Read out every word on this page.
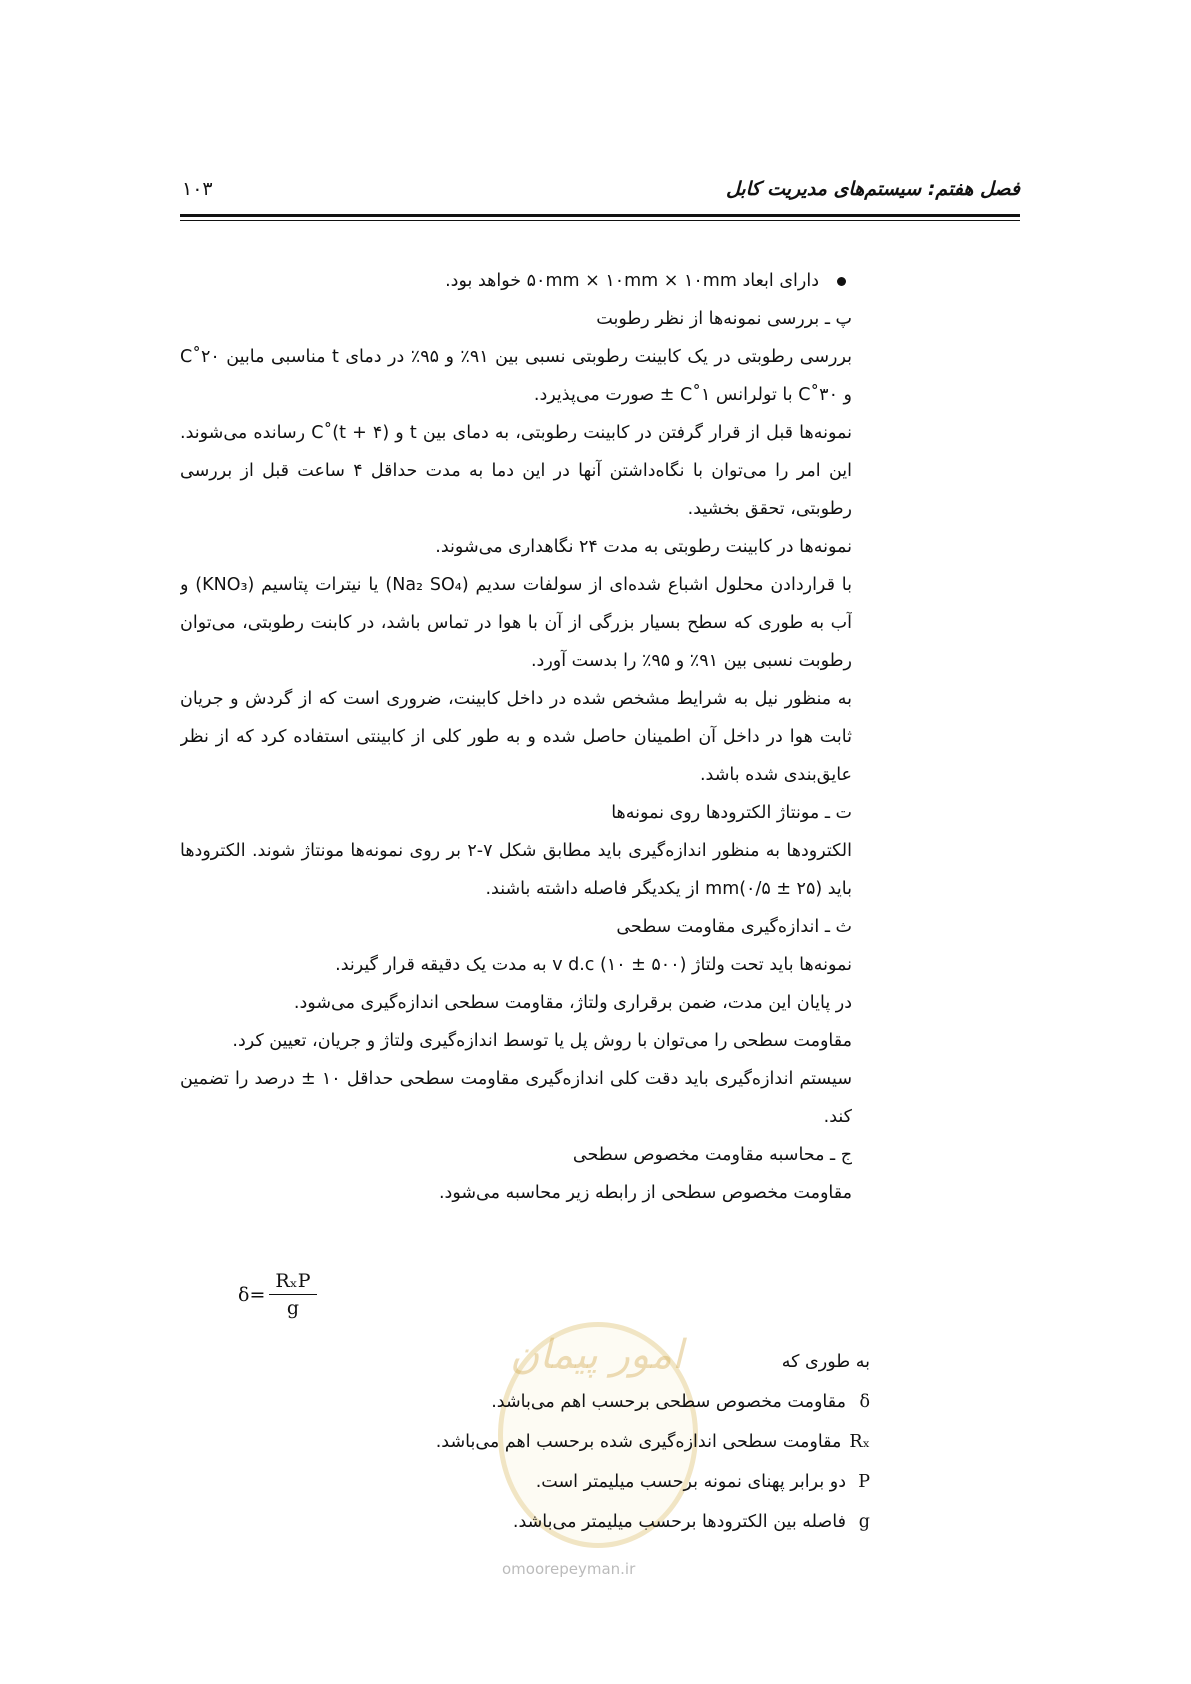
فصل هفتم: سیستم‌های مدیریت کابل
۱۰۳
امور پیمان
omoorepeyman.ir
دارای ابعاد ۵۰mm × ۱۰mm × ۱۰mm خواهد بود.
پ ـ بررسی نمونه‌ها از نظر رطوبت
بررسی رطوبتی در یک کابینت رطوبتی نسبی بین ۹۱٪ و ۹۵٪ در دمای t مناسبی مابین ۲۰˚C
و ۳۰˚C با تولرانس ۱˚C ± صورت می‌پذیرد.
نمونه‌ها قبل از قرار گرفتن در کابینت رطوبتی، به دمای بین t و (t + ۴)˚C رسانده می‌شوند.
این امر را می‌توان با نگاه‌داشتن آنها در این دما به مدت حداقل ۴ ساعت قبل از بررسی
رطوبتی، تحقق بخشید.
نمونه‌ها در کابینت رطوبتی به مدت ۲۴ نگاهداری می‌شوند.
با قراردادن محلول اشباع شده‌ای از سولفات سدیم (Na₂ SO₄) یا نیترات پتاسیم (KNO₃) و
آب به طوری که سطح بسیار بزرگی از آن با هوا در تماس باشد، در کابنت رطوبتی، می‌توان
رطوبت نسبی بین ۹۱٪ و ۹۵٪ را بدست آورد.
به منظور نیل به شرایط مشخص شده در داخل کابینت، ضروری است که از گردش و جریان
ثابت هوا در داخل آن اطمینان حاصل شده و به طور کلی از کابینتی استفاده کرد که از نظر
عایق‌بندی شده باشد.
ت ـ مونتاژ الکترودها روی نمونه‌ها
الکترودها به منظور اندازه‌گیری باید مطابق شکل ۷-۲ بر روی نمونه‌ها مونتاژ شوند. الکترودها
باید mm(۰/۵ ± ۲۵) از یکدیگر فاصله داشته باشند.
ث ـ اندازه‌گیری مقاومت سطحی
نمونه‌ها باید تحت ولتاژ v d.c (۱۰ ± ۵۰۰) به مدت یک دقیقه قرار گیرند.
در پایان این مدت، ضمن برقراری ولتاژ، مقاومت سطحی اندازه‌گیری می‌شود.
مقاومت سطحی را می‌توان با روش پل یا توسط اندازه‌گیری ولتاژ و جریان، تعیین کرد.
سیستم اندازه‌گیری باید دقت کلی اندازه‌گیری مقاومت سطحی حداقل ۱۰ ± درصد را تضمین
کند.
ج ـ محاسبه مقاومت مخصوص سطحی
مقاومت مخصوص سطحی از رابطه زیر محاسبه می‌شود.
$\delta = \frac{\text{RₓP}}{g}$
به طوری که
δمقاومت مخصوص سطحی برحسب اهم می‌باشد.
Rₓمقاومت سطحی اندازه‌گیری شده برحسب اهم می‌باشد.
Pدو برابر پهنای نمونه برحسب میلیمتر است.
gفاصله بین الکترودها برحسب میلیمتر می‌باشد.
